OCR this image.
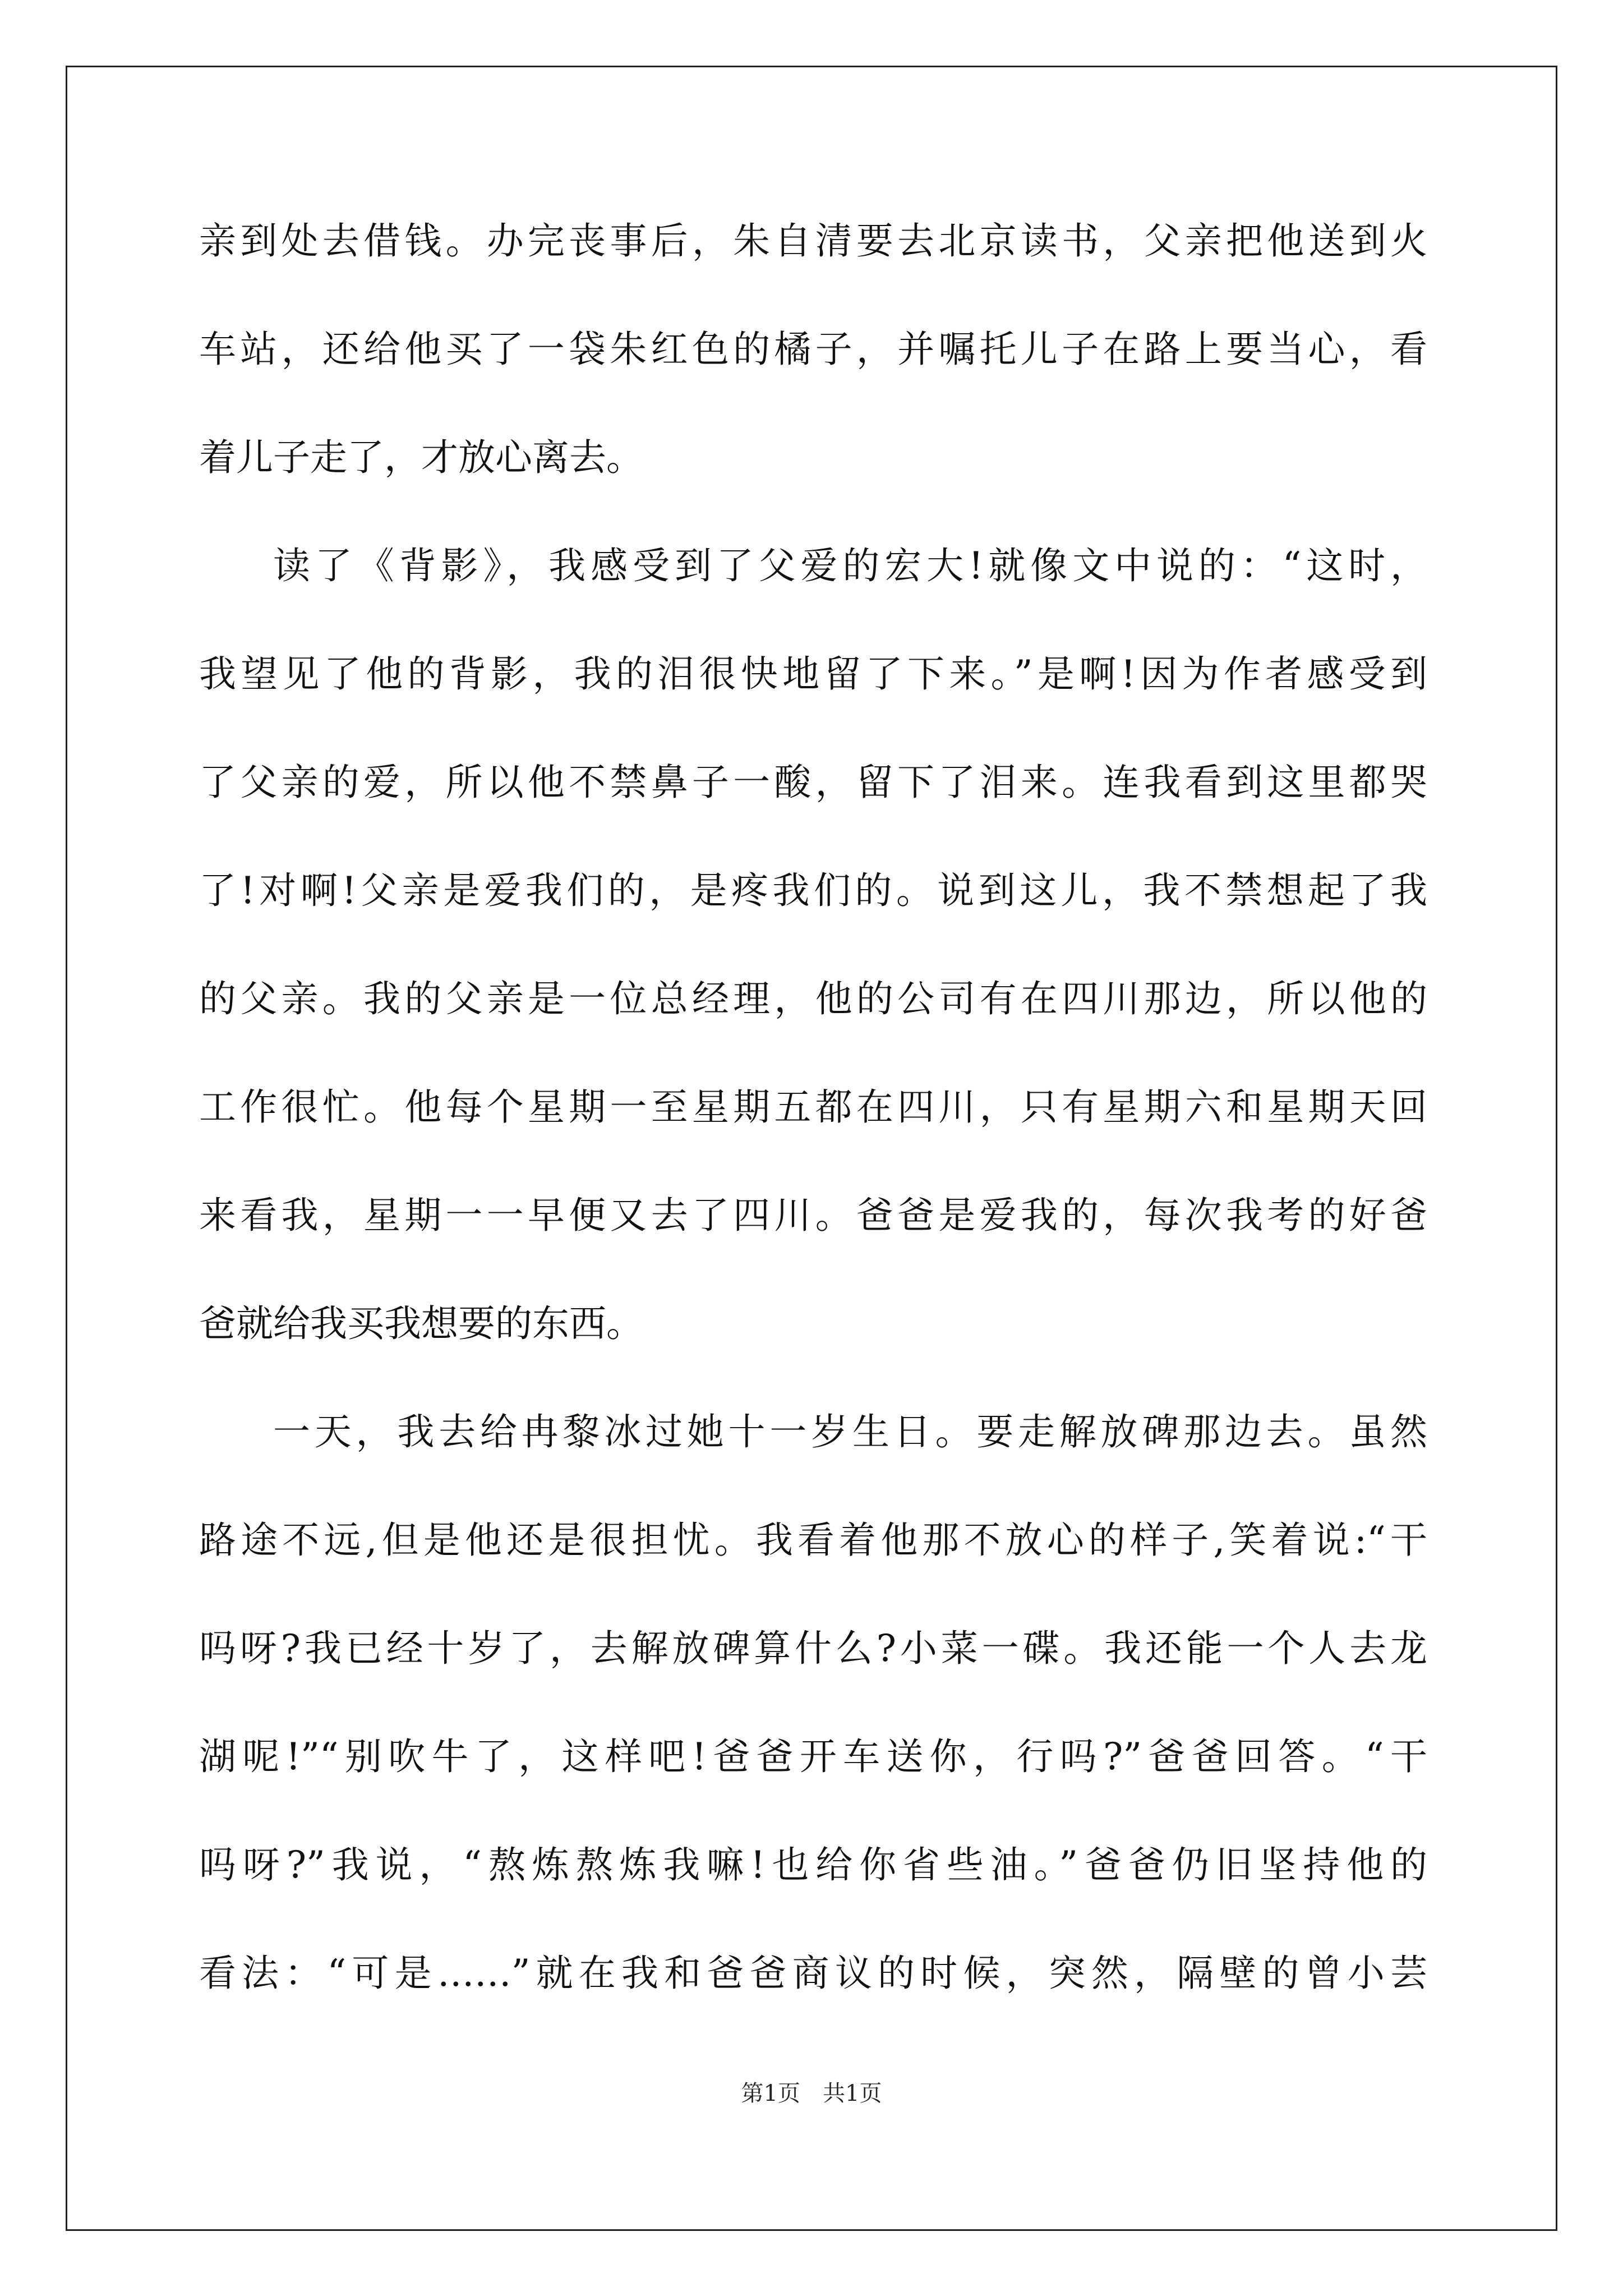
亲到处去借钱。办完丧事后，朱自清要去北京读书，父亲把他送到火
车站，还给他买了一袋朱红色的橘子，并嘱托儿子在路上要当心，看
着儿子走了，才放心离去。
读了《背影》，我感受到了父爱的宏大!就像文中说的：“这时，
我望见了他的背影，我的泪很快地留了下来。”是啊!因为作者感受到
了父亲的爱，所以他不禁鼻子一酸，留下了泪来。连我看到这里都哭
了!对啊!父亲是爱我们的，是疼我们的。说到这儿，我不禁想起了我
的父亲。我的父亲是一位总经理，他的公司有在四川那边，所以他的
工作很忙。他每个星期一至星期五都在四川，只有星期六和星期天回
来看我，星期一一早便又去了四川。爸爸是爱我的，每次我考的好爸
爸就给我买我想要的东西。
一天，我去给冉黎冰过她十一岁生日。要走解放碑那边去。虽然
路途不远,但是他还是很担忧。我看着他那不放心的样子,笑着说:“干
吗呀?我已经十岁了，去解放碑算什么?小菜一碟。我还能一个人去龙
湖呢!”“别吹牛了，这样吧!爸爸开车送你，行吗?”爸爸回答。“干
吗呀?”我说，“熬炼熬炼我嘛!也给你省些油。”爸爸仍旧坚持他的
看法：“可是……”就在我和爸爸商议的时候，突然，隔壁的曾小芸
第1页　共1页
